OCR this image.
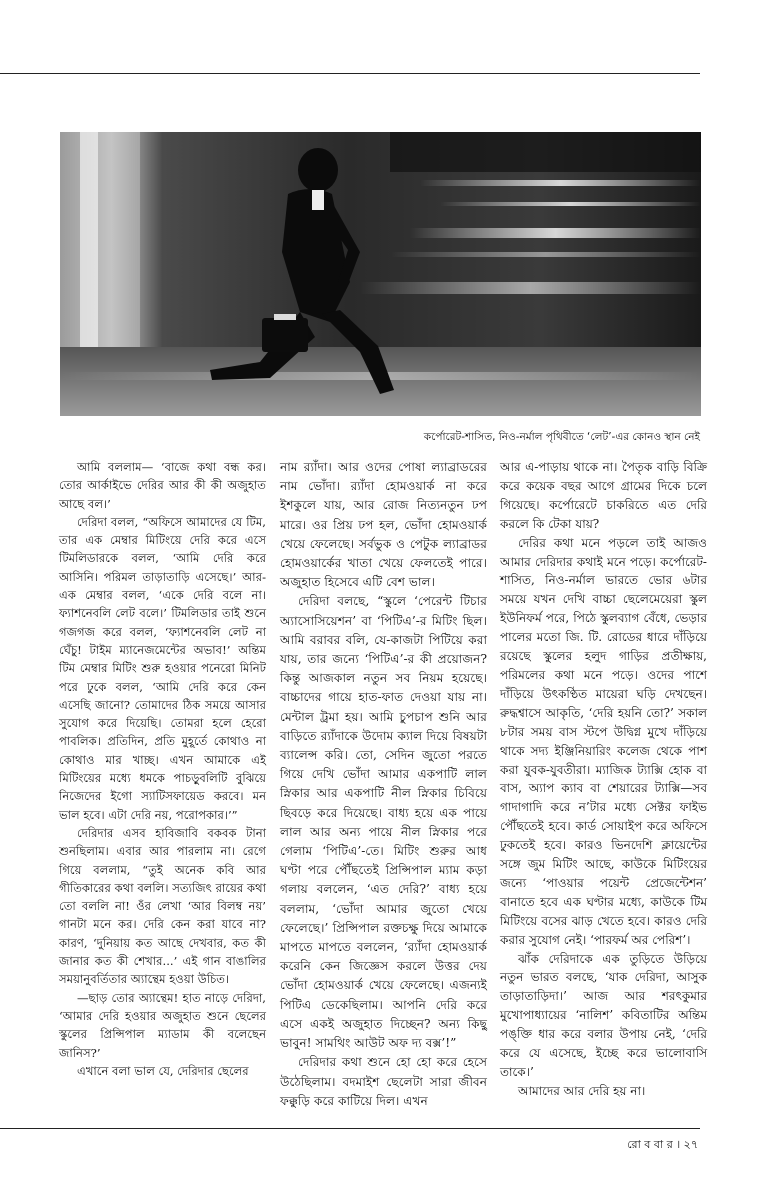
কর্পোরেট-শাসিত, নিও-নর্মাল পৃথিবীতে ‘লেট’-এর কোনও স্থান নেই

আমি বললাম— ‘বাজে কথা বন্ধ কর। তোর আর্কাইভে দেরির আর কী কী অজুহাত আছে বল।’

দেরিদা বলল, “অফিসে আমাদের যে টিম, তার এক মেম্বার মিটিংয়ে দেরি করে এসে টিমলিডারকে বলল, ‘আমি দেরি করে আসিনি। পরিমল তাড়াতাড়ি এসেছে।’ আর-এক মেম্বার বলল, ‘একে দেরি বলে না। ফ্যাশনেবলি লেট বলে।’ টিমলিডার তাই শুনে গজগজ করে বলল, ‘ফ্যাশনেবলি লেট না ঘেঁচু! টাইম ম্যানেজমেন্টের অভাব!’ অন্তিম টিম মেম্বার মিটিং শুরু হওয়ার পনেরো মিনিট পরে ঢুকে বলল, ‘আমি দেরি করে কেন এসেছি জানো? তোমাদের ঠিক সময়ে আসার সুযোগ করে দিয়েছি। তোমরা হলে হেরো পাবলিক। প্রতিদিন, প্রতি মুহূর্তে কোথাও না কোথাও মার খাচ্ছ। এখন আমাকে এই মিটিংয়ের মধ্যে ধমকে পাচড়ুবলিটি বুঝিয়ে নিজেদের ইগো স্যাটিসফায়েড করবে। মন ভাল হবে। এটা দেরি নয়, পরোপকার।’”

দেরিদার এসব হাবিজাবি বকবক টানা শুনছিলাম। এবার আর পারলাম না। রেগে গিয়ে বললাম, “তুই অনেক কবি আর গীতিকারের কথা বললি। সত্যজিৎ রায়ের কথা তো বললি না! ওঁর লেখা ‘আর বিলম্ব নয়’ গানটা মনে কর। দেরি কেন করা যাবে না? কারণ, ‘দুনিয়ায় কত আছে দেখবার, কত কী জানার কত কী শেখার...’ এই গান বাঙালির সময়ানুবর্তিতার অ্যান্থেম হওয়া উচিত।

—ছাড় তোর অ্যান্থেম! হাত নাড়ে দেরিদা, ‘আমার দেরি হওয়ার অজুহাত শুনে ছেলের স্কুলের প্রিন্সিপাল ম্যাডাম কী বলেছেন জানিস?’

এখানে বলা ভাল যে, দেরিদার ছেলের

নাম র‍্যাঁদা। আর ওদের পোষা ল্যাব্রাডরের নাম ভোঁদা। র‍্যাঁদা হোমওয়ার্ক না করে ইশকুলে যায়, আর রোজ নিত্যনতুন ঢপ মারে। ওর প্রিয় ঢপ হল, ভোঁদা হোমওয়ার্ক খেয়ে ফেলেছে। সর্বভুক ও পেটুক ল্যাব্রাডর হোমওয়ার্কের খাতা খেয়ে ফেলতেই পারে। অজুহাত হিসেবে এটি বেশ ভাল।

দেরিদা বলছে, “স্কুলে ‘পেরেন্ট টিচার অ্যাসোসিয়েশন’ বা ‘পিটিএ’-র মিটিং ছিল। আমি বরাবর বলি, যে-কাজটা পিটিয়ে করা যায়, তার জন্যে ‘পিটিএ’-র কী প্রয়োজন? কিন্তু আজকাল নতুন সব নিয়ম হয়েছে। বাচ্চাদের গায়ে হাত-ফাত দেওয়া যায় না। মেন্টাল ট্রমা হয়। আমি চুপচাপ শুনি আর বাড়িতে র‍্যাঁদাকে উদোম ক্যাল দিয়ে বিষয়টা ব্যালেন্স করি। তো, সেদিন জুতো পরতে গিয়ে দেখি ভোঁদা আমার একপাটি লাল স্নিকার আর একপাটি নীল স্নিকার চিবিয়ে ছিবড়ে করে দিয়েছে। বাধ্য হয়ে এক পায়ে লাল আর অন্য পায়ে নীল স্নিকার পরে গেলাম ‘পিটিএ’-তে। মিটিং শুরুর আধ ঘণ্টা পরে পৌঁছতেই প্রিন্সিপাল ম্যাম কড়া গলায় বললেন, ‘এত দেরি?’ বাধ্য হয়ে বললাম, ‘ভোঁদা আমার জুতো খেয়ে ফেলেছে।’ প্রিন্সিপাল রক্তচক্ষু দিয়ে আমাকে মাপতে মাপতে বললেন, ‘র‍্যাঁদা হোমওয়ার্ক করেনি কেন জিজ্ঞেস করলে উত্তর দেয় ভোঁদা হোমওয়ার্ক খেয়ে ফেলেছে। এজন্যই পিটিএ ডেকেছিলাম। আপনি দেরি করে এসে একই অজুহাত দিচ্ছেন? অন্য কিছু ভাবুন! সামথিং আউট অফ দ্য বক্স’!”

দেরিদার কথা শুনে হো হো করে হেসে উঠেছিলাম। বদমাইশ ছেলেটা সারা জীবন ফক্কুড়ি করে কাটিয়ে দিল। এখন

আর এ-পাড়ায় থাকে না। পৈতৃক বাড়ি বিক্রি করে কয়েক বছর আগে গ্রামের দিকে চলে গিয়েছে। কর্পোরেটে চাকরিতে এত দেরি করলে কি টেকা যায়?

দেরির কথা মনে পড়লে তাই আজও আমার দেরিদার কথাই মনে পড়ে। কর্পোরেট-শাসিত, নিও-নর্মাল ভারতে ভোর ৬টার সময়ে যখন দেখি বাচ্চা ছেলেমেয়েরা স্কুল ইউনিফর্ম পরে, পিঠে স্কুলব্যাগ বেঁধে, ভেড়ার পালের মতো জি. টি. রোডের ধারে দাঁড়িয়ে রয়েছে স্কুলের হলুদ গাড়ির প্রতীক্ষায়, পরিমলের কথা মনে পড়ে। ওদের পাশে দাঁড়িয়ে উৎকণ্ঠিত মায়েরা ঘড়ি দেখছেন। রুদ্ধশ্বাসে আকৃতি, ‘দেরি হয়নি তো?’ সকাল ৮টার সময় বাস স্টপে উদ্বিগ্ন মুখে দাঁড়িয়ে থাকে সদ্য ইঞ্জিনিয়ারিং কলেজ থেকে পাশ করা যুবক-যুবতীরা। ম্যাজিক ট্যাক্সি হোক বা বাস, অ্যাপ ক্যাব বা শেয়ারের ট্যাক্সি—সব গাদাগাদি করে ন’টার মধ্যে সেক্টর ফাইভ পৌঁছতেই হবে। কার্ড সোয়াইপ করে অফিসে ঢুকতেই হবে। কারও ভিনদেশি ক্লায়েন্টের সঙ্গে জুম মিটিং আছে, কাউকে মিটিংয়ের জন্যে ‘পাওয়ার পয়েন্ট প্রেজেন্টেশন’ বানাতে হবে এক ঘণ্টার মধ্যে, কাউকে টিম মিটিংয়ে বসের ঝাড় খেতে হবে। কারও দেরি করার সুযোগ নেই। ‘পারফর্ম অর পেরিশ’।

ঝাঁক দেরিদাকে এক তুড়িতে উড়িয়ে নতুন ভারত বলছে, ‘যাক দেরিদা, আসুক তাড়াতাড়িদা।’ আজ আর শরৎকুমার মুখোপাধ্যায়ের ‘নালিশ’ কবিতাটির অন্তিম পঙ্‌ক্তি ধার করে বলার উপায় নেই, ‘দেরি করে যে এসেছে, ইচ্ছে করে ভালোবাসি তাকে।’

আমাদের আর দেরি হয় না।

রো ব বা র । ২৭
